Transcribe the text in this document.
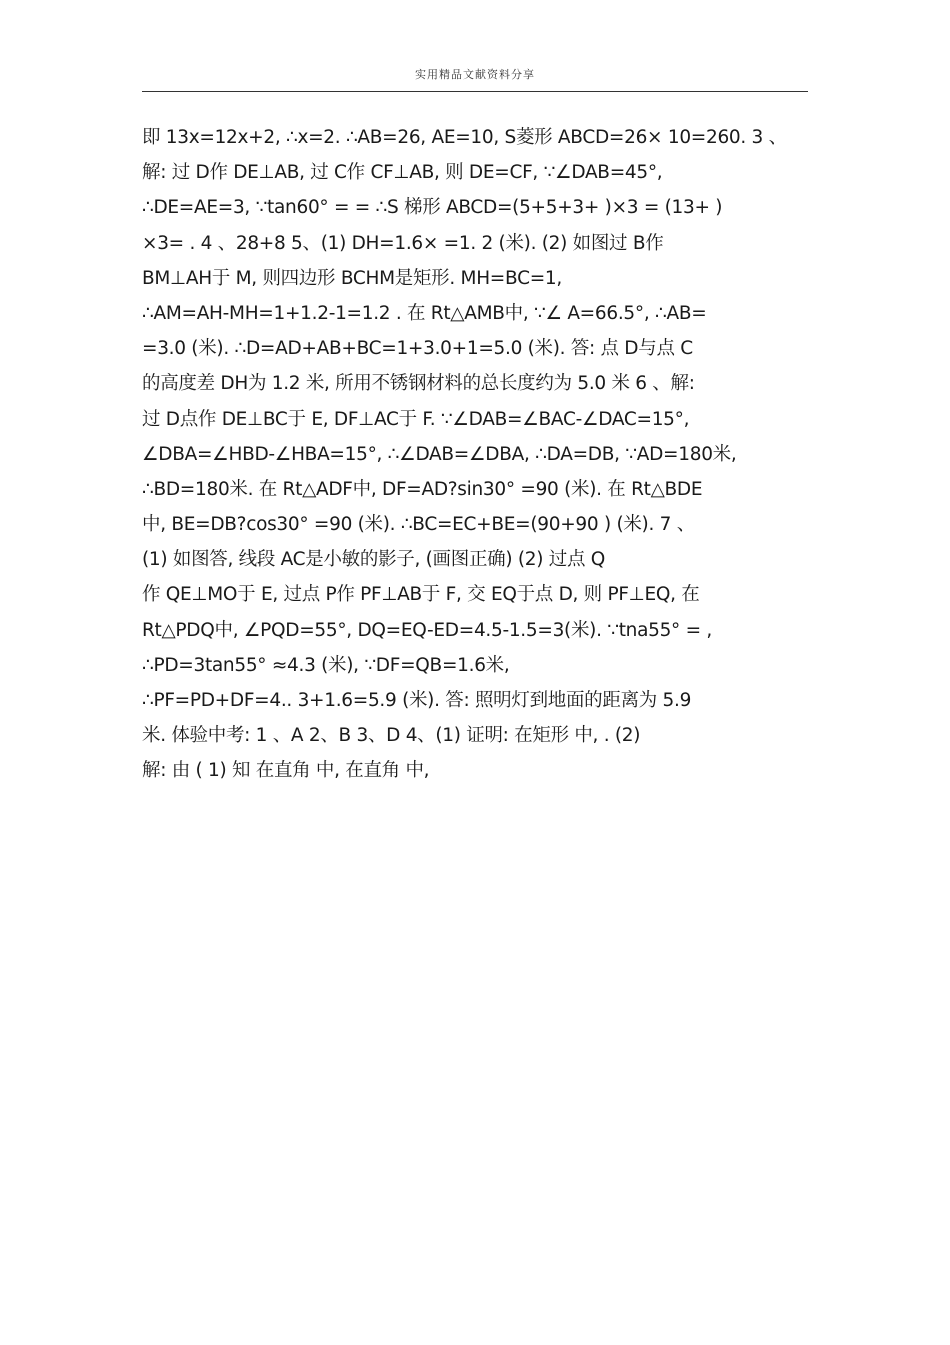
实用精品文献资料分享
即 13x=12x+2, ∴x=2. ∴AB=26, AE=10, S菱形 ABCD=26× 10=260. 3 、
解: 过 D作 DE⊥AB, 过 C作 CF⊥AB, 则 DE=CF, ∵∠DAB=45°,
∴DE=AE=3, ∵tan60° = = ∴S 梯形 ABCD=(5+5+3+ )×3 = (13+ )
×3= . 4 、28+8 5、(1) DH=1.6× =1. 2 (米). (2) 如图过 B作
BM⊥AH于 M, 则四边形 BCHM是矩形. MH=BC=1,
∴AM=AH-MH=1+1.2-1=1.2 . 在 Rt△AMB中, ∵∠ A=66.5°, ∴AB=
=3.0 (米). ∴D=AD+AB+BC=1+3.0+1=5.0 (米). 答: 点 D与点 C
的高度差 DH为 1.2 米, 所用不锈钢材料的总长度约为 5.0 米 6 、解:
过 D点作 DE⊥BC于 E, DF⊥AC于 F. ∵∠DAB=∠BAC-∠DAC=15°,
∠DBA=∠HBD-∠HBA=15°, ∴∠DAB=∠DBA, ∴DA=DB, ∵AD=180米,
∴BD=180米. 在 Rt△ADF中, DF=AD?sin30° =90 (米). 在 Rt△BDE
中, BE=DB?cos30° =90 (米). ∴BC=EC+BE=(90+90 ) (米). 7 、
(1) 如图答, 线段 AC是小敏的影子, (画图正确) (2) 过点 Q
作 QE⊥MO于 E, 过点 P作 PF⊥AB于 F, 交 EQ于点 D, 则 PF⊥EQ, 在
Rt△PDQ中, ∠PQD=55°, DQ=EQ-ED=4.5-1.5=3(米). ∵tna55° = ,
∴PD=3tan55° ≈4.3 (米), ∵DF=QB=1.6米,
∴PF=PD+DF=4.. 3+1.6=5.9 (米). 答: 照明灯到地面的距离为 5.9
米. 体验中考: 1 、A 2、B 3、D 4、(1) 证明: 在矩形 中, . (2)
解: 由 ( 1) 知 在直角 中, 在直角 中,
